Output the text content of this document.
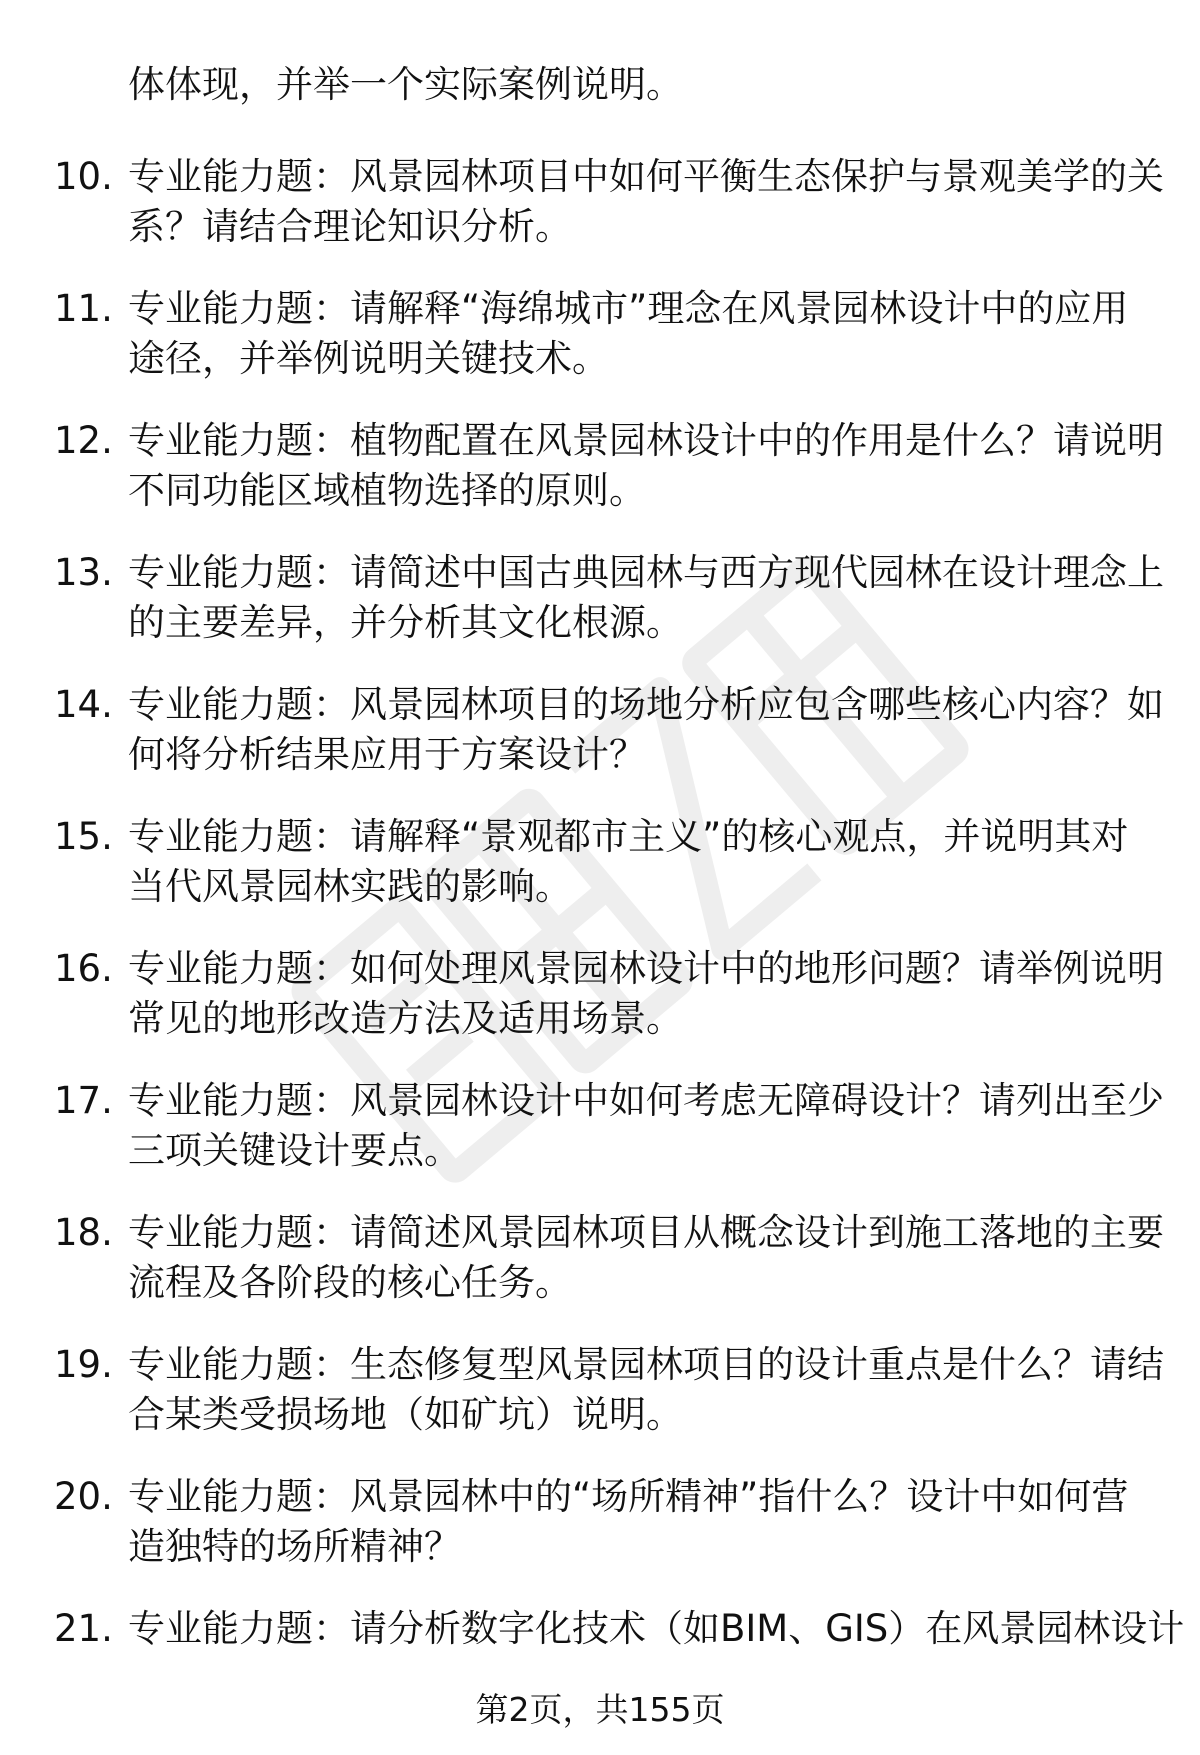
体体现，并举一个实际案例说明。
10. 专业能力题：风景园林项目中如何平衡生态保护与景观美学的关
系？请结合理论知识分析。
11. 专业能力题：请解释“海绵城市”理念在风景园林设计中的应用
途径，并举例说明关键技术。
12. 专业能力题：植物配置在风景园林设计中的作用是什么？请说明
不同功能区域植物选择的原则。
13. 专业能力题：请简述中国古典园林与西方现代园林在设计理念上
的主要差异，并分析其文化根源。
14. 专业能力题：风景园林项目的场地分析应包含哪些核心内容？如
何将分析结果应用于方案设计？
15. 专业能力题：请解释“景观都市主义”的核心观点，并说明其对
当代风景园林实践的影响。
16. 专业能力题：如何处理风景园林设计中的地形问题？请举例说明
常见的地形改造方法及适用场景。
17. 专业能力题：风景园林设计中如何考虑无障碍设计？请列出至少
三项关键设计要点。
18. 专业能力题：请简述风景园林项目从概念设计到施工落地的主要
流程及各阶段的核心任务。
19. 专业能力题：生态修复型风景园林项目的设计重点是什么？请结
合某类受损场地（如矿坑）说明。
20. 专业能力题：风景园林中的“场所精神”指什么？设计中如何营
造独特的场所精神？
21. 专业能力题：请分析数字化技术（如BIM、GIS）在风景园林设计
第2页，共155页
